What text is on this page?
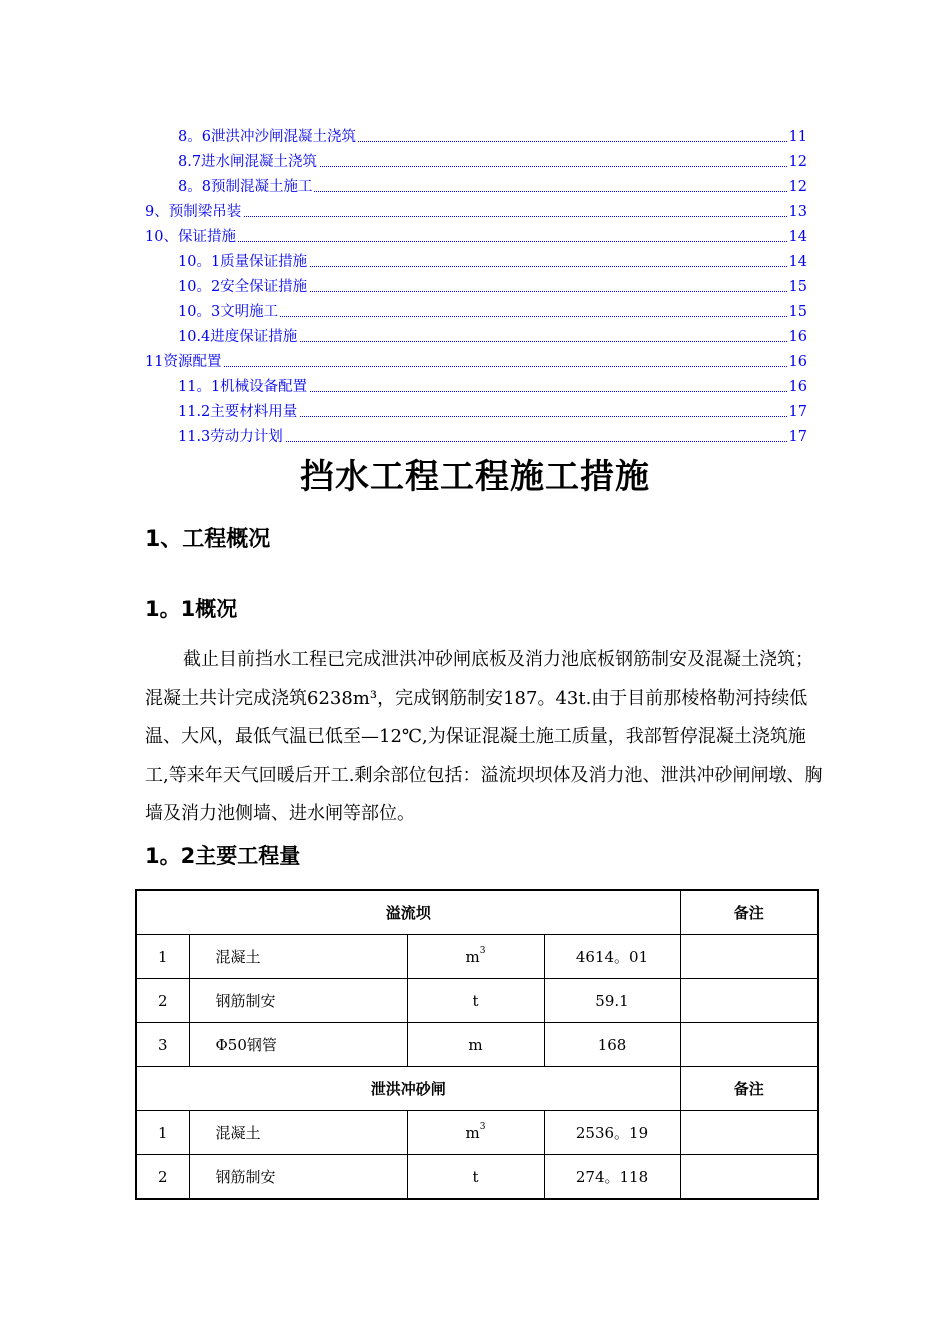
8。6泄洪冲沙闸混凝土浇筑	11
8.7进水闸混凝土浇筑	12
8。8预制混凝土施工	12
9、预制梁吊装	13
10、保证措施	14
10。1质量保证措施	14
10。2安全保证措施	15
10。3文明施工	15
10.4进度保证措施	16
11资源配置	16
11。1机械设备配置	16
11.2主要材料用量	17
11.3劳动力计划	17
挡水工程工程施工措施
1、工程概况
1。1概况
截止目前挡水工程已完成泄洪冲砂闸底板及消力池底板钢筋制安及混凝土浇筑；混凝土共计完成浇筑6238m³，完成钢筋制安187。43t.由于目前那棱格勒河持续低温、大风，最低气温已低至—12℃,为保证混凝土施工质量，我部暂停混凝土浇筑施工,等来年天气回暖后开工.剩余部位包括：溢流坝坝体及消力池、泄洪冲砂闸闸墩、胸墙及消力池侧墙、进水闸等部位。
1。2主要工程量
溢流坝				备注
1	混凝土	$m^3$	4614。01	
2	钢筋制安	t	59.1	
3	Φ50钢管	m	168	
泄洪冲砂闸				备注
1	混凝土	$m^3$	2536。19	
2	钢筋制安	t	274。118	
